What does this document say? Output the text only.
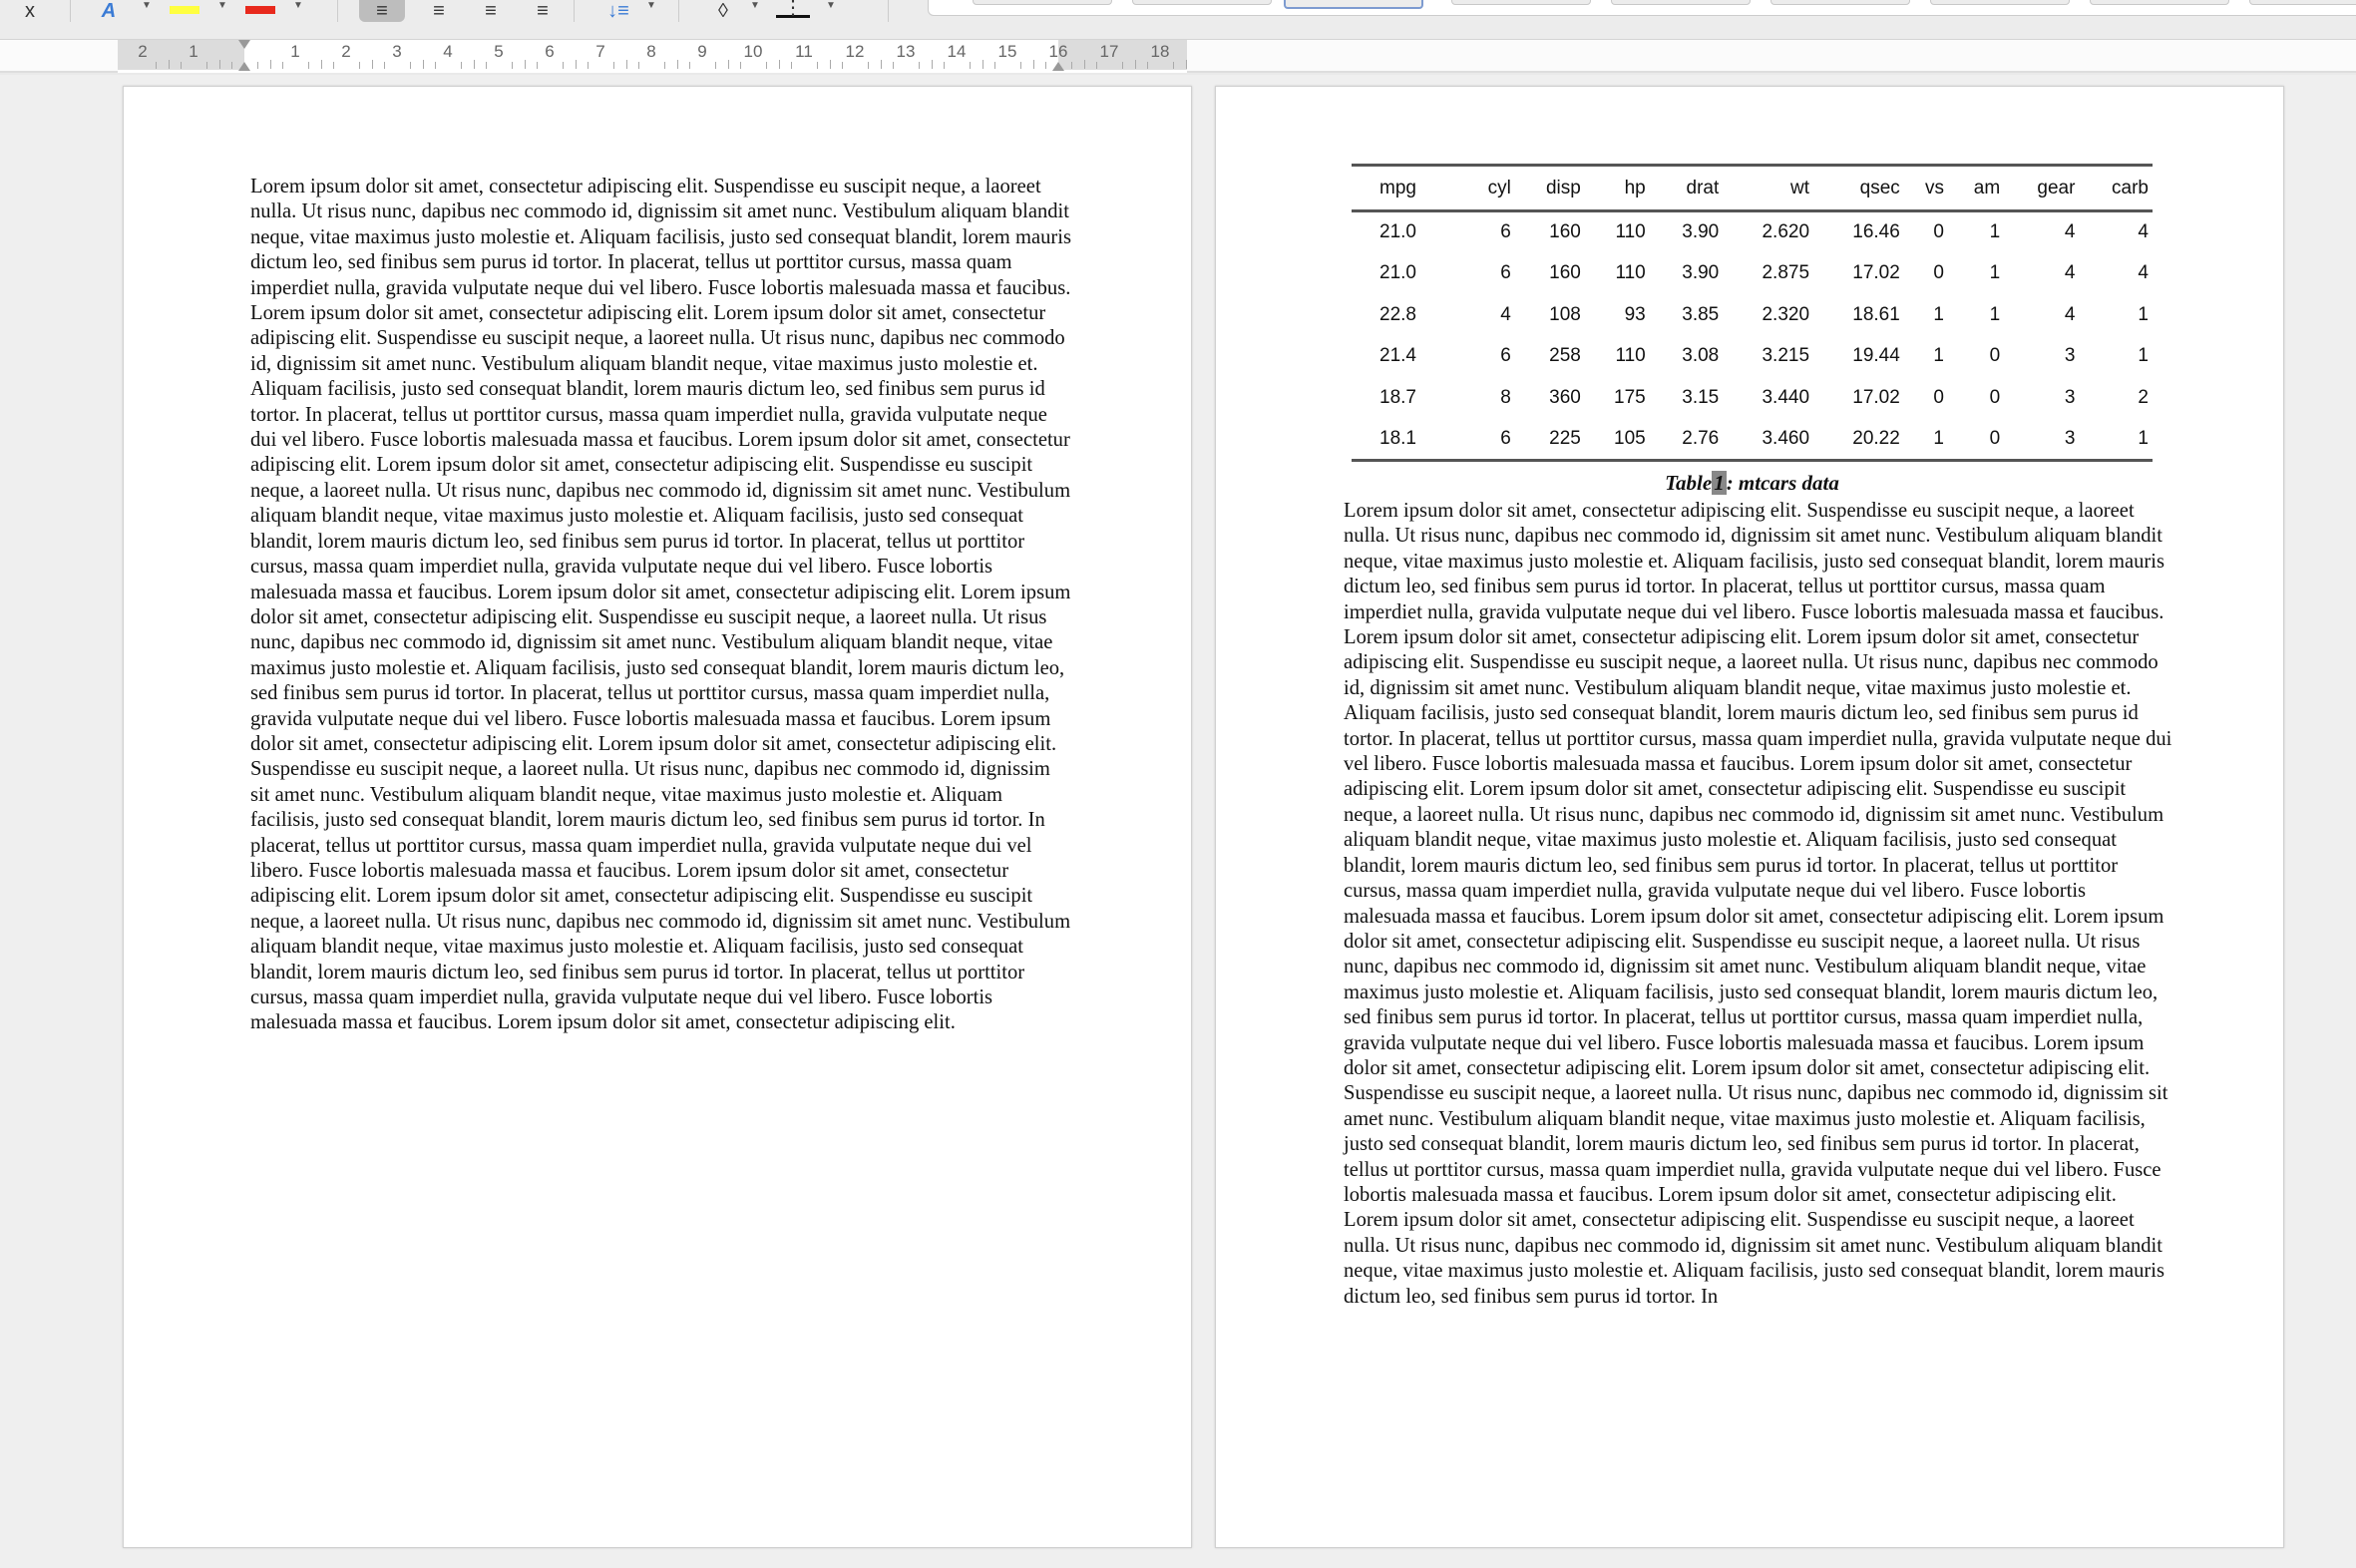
x	A	▼	▼	▼	≡	≡	≡	≡	↓≡	▼	◊	▼	⋮	▼
2 1	1 2 3 4 5 6 7 8 9 10 11 12 13 14 15 16 17 18

Lorem ipsum dolor sit amet, consectetur adipiscing elit. Suspendisse eu suscipit neque, a laoreet nulla. Ut risus nunc, dapibus nec commodo id, dignissim sit amet nunc. Vestibulum aliquam blandit neque, vitae maximus justo molestie et. Aliquam facilisis, justo sed consequat blandit, lorem mauris dictum leo, sed finibus sem purus id tortor. In placerat, tellus ut porttitor cursus, massa quam imperdiet nulla, gravida vulputate neque dui vel libero. Fusce lobortis malesuada massa et faucibus. Lorem ipsum dolor sit amet, consectetur adipiscing elit. Lorem ipsum dolor sit amet, consectetur adipiscing elit. Suspendisse eu suscipit neque, a laoreet nulla. Ut risus nunc, dapibus nec commodo id, dignissim sit amet nunc. Vestibulum aliquam blandit neque, vitae maximus justo molestie et. Aliquam facilisis, justo sed consequat blandit, lorem mauris dictum leo, sed finibus sem purus id tortor. In placerat, tellus ut porttitor cursus, massa quam imperdiet nulla, gravida vulputate neque dui vel libero. Fusce lobortis malesuada massa et faucibus. Lorem ipsum dolor sit amet, consectetur adipiscing elit. Lorem ipsum dolor sit amet, consectetur adipiscing elit. Suspendisse eu suscipit neque, a laoreet nulla. Ut risus nunc, dapibus nec commodo id, dignissim sit amet nunc. Vestibulum aliquam blandit neque, vitae maximus justo molestie et. Aliquam facilisis, justo sed consequat blandit, lorem mauris dictum leo, sed finibus sem purus id tortor. In placerat, tellus ut porttitor cursus, massa quam imperdiet nulla, gravida vulputate neque dui vel libero. Fusce lobortis malesuada massa et faucibus. Lorem ipsum dolor sit amet, consectetur adipiscing elit. Lorem ipsum dolor sit amet, consectetur adipiscing elit. Suspendisse eu suscipit neque, a laoreet nulla. Ut risus nunc, dapibus nec commodo id, dignissim sit amet nunc. Vestibulum aliquam blandit neque, vitae maximus justo molestie et. Aliquam facilisis, justo sed consequat blandit, lorem mauris dictum leo, sed finibus sem purus id tortor. In placerat, tellus ut porttitor cursus, massa quam imperdiet nulla, gravida vulputate neque dui vel libero. Fusce lobortis malesuada massa et faucibus. Lorem ipsum dolor sit amet, consectetur adipiscing elit. Lorem ipsum dolor sit amet, consectetur adipiscing elit. Suspendisse eu suscipit neque, a laoreet nulla. Ut risus nunc, dapibus nec commodo id, dignissim sit amet nunc. Vestibulum aliquam blandit neque, vitae maximus justo molestie et. Aliquam facilisis, justo sed consequat blandit, lorem mauris dictum leo, sed finibus sem purus id tortor. In placerat, tellus ut porttitor cursus, massa quam imperdiet nulla, gravida vulputate neque dui vel libero. Fusce lobortis malesuada massa et faucibus. Lorem ipsum dolor sit amet, consectetur adipiscing elit. Lorem ipsum dolor sit amet, consectetur adipiscing elit. Suspendisse eu suscipit neque, a laoreet nulla. Ut risus nunc, dapibus nec commodo id, dignissim sit amet nunc. Vestibulum aliquam blandit neque, vitae maximus justo molestie et. Aliquam facilisis, justo sed consequat blandit, lorem mauris dictum leo, sed finibus sem purus id tortor. In placerat, tellus ut porttitor cursus, massa quam imperdiet nulla, gravida vulputate neque dui vel libero. Fusce lobortis malesuada massa et faucibus. Lorem ipsum dolor sit amet, consectetur adipiscing elit.

mpg	cyl	disp	hp	drat	wt	qsec	vs	am	gear	carb
21.0	6	160	110	3.90	2.620	16.46	0	1	4	4
21.0	6	160	110	3.90	2.875	17.02	0	1	4	4
22.8	4	108	93	3.85	2.320	18.61	1	1	4	1
21.4	6	258	110	3.08	3.215	19.44	1	0	3	1
18.7	8	360	175	3.15	3.440	17.02	0	0	3	2
18.1	6	225	105	2.76	3.460	20.22	1	0	3	1
Table1: mtcars data

Lorem ipsum dolor sit amet, consectetur adipiscing elit. Suspendisse eu suscipit neque, a laoreet nulla. Ut risus nunc, dapibus nec commodo id, dignissim sit amet nunc. Vestibulum aliquam blandit neque, vitae maximus justo molestie et. Aliquam facilisis, justo sed consequat blandit, lorem mauris dictum leo, sed finibus sem purus id tortor. In placerat, tellus ut porttitor cursus, massa quam imperdiet nulla, gravida vulputate neque dui vel libero. Fusce lobortis malesuada massa et faucibus. Lorem ipsum dolor sit amet, consectetur adipiscing elit. Lorem ipsum dolor sit amet, consectetur adipiscing elit. Suspendisse eu suscipit neque, a laoreet nulla. Ut risus nunc, dapibus nec commodo id, dignissim sit amet nunc. Vestibulum aliquam blandit neque, vitae maximus justo molestie et. Aliquam facilisis, justo sed consequat blandit, lorem mauris dictum leo, sed finibus sem purus id tortor. In placerat, tellus ut porttitor cursus, massa quam imperdiet nulla, gravida vulputate neque dui vel libero. Fusce lobortis malesuada massa et faucibus. Lorem ipsum dolor sit amet, consectetur adipiscing elit. Lorem ipsum dolor sit amet, consectetur adipiscing elit. Suspendisse eu suscipit neque, a laoreet nulla. Ut risus nunc, dapibus nec commodo id, dignissim sit amet nunc. Vestibulum aliquam blandit neque, vitae maximus justo molestie et. Aliquam facilisis, justo sed consequat blandit, lorem mauris dictum leo, sed finibus sem purus id tortor. In placerat, tellus ut porttitor cursus, massa quam imperdiet nulla, gravida vulputate neque dui vel libero. Fusce lobortis malesuada massa et faucibus. Lorem ipsum dolor sit amet, consectetur adipiscing elit. Lorem ipsum dolor sit amet, consectetur adipiscing elit. Suspendisse eu suscipit neque, a laoreet nulla. Ut risus nunc, dapibus nec commodo id, dignissim sit amet nunc. Vestibulum aliquam blandit neque, vitae maximus justo molestie et. Aliquam facilisis, justo sed consequat blandit, lorem mauris dictum leo, sed finibus sem purus id tortor. In placerat, tellus ut porttitor cursus, massa quam imperdiet nulla, gravida vulputate neque dui vel libero. Fusce lobortis malesuada massa et faucibus. Lorem ipsum dolor sit amet, consectetur adipiscing elit. Lorem ipsum dolor sit amet, consectetur adipiscing elit. Suspendisse eu suscipit neque, a laoreet nulla. Ut risus nunc, dapibus nec commodo id, dignissim sit amet nunc. Vestibulum aliquam blandit neque, vitae maximus justo molestie et. Aliquam facilisis, justo sed consequat blandit, lorem mauris dictum leo, sed finibus sem purus id tortor. In placerat, tellus ut porttitor cursus, massa quam imperdiet nulla, gravida vulputate neque dui vel libero. Fusce lobortis malesuada massa et faucibus. Lorem ipsum dolor sit amet, consectetur adipiscing elit. Lorem ipsum dolor sit amet, consectetur adipiscing elit. Suspendisse eu suscipit neque, a laoreet nulla. Ut risus nunc, dapibus nec commodo id, dignissim sit amet nunc. Vestibulum aliquam blandit neque, vitae maximus justo molestie et. Aliquam facilisis, justo sed consequat blandit, lorem mauris dictum leo, sed finibus sem purus id tortor. In
